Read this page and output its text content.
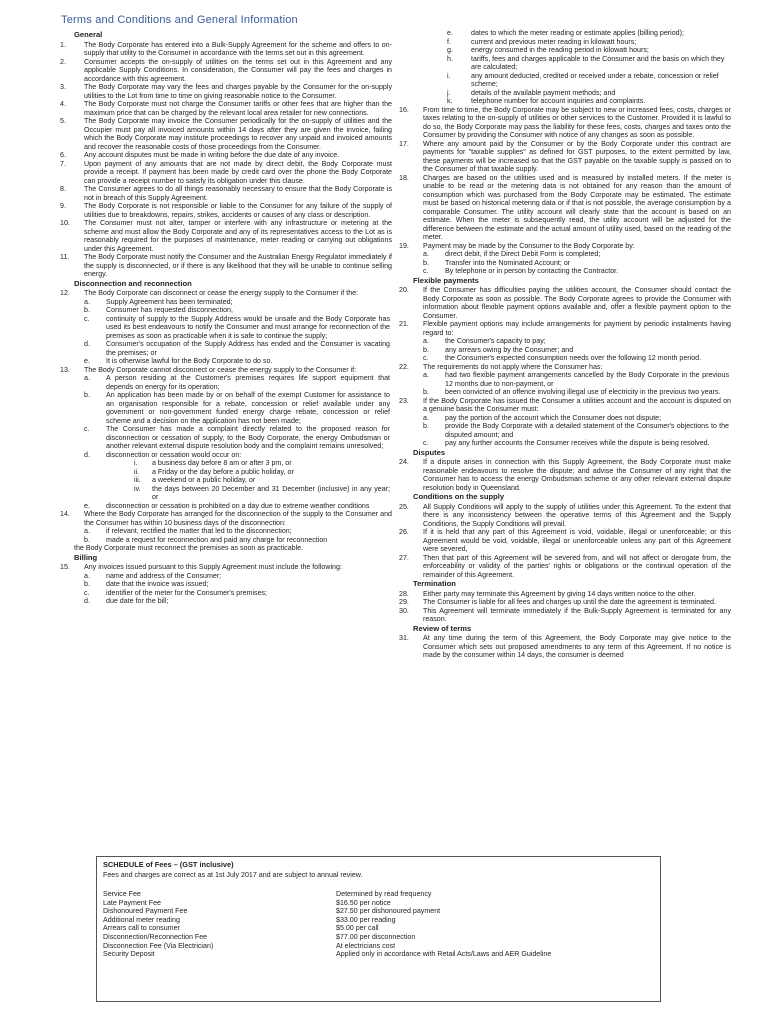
Terms and Conditions and General Information
General
1.	The Body Corporate has entered into a Bulk-Supply Agreement for the scheme and offers to on-supply that utility to the Consumer in accordance with the terms set out in this agreement.
2.	Consumer accepts the on-supply of utilities on the terms set out in this Agreement and any applicable Supply Conditions. In consideration, the Consumer will pay the fees and charges in accordance with this agreement.
3.	The Body Corporate may vary the fees and charges payable by the Consumer for the on-supply utilities to the Lot from time to time on giving reasonable notice to the Consumer.
4.	The Body Corporate must not charge the Consumer tariffs or other fees that are higher than the maximum price that can be charged by the relevant local area retailer for new connections.
5.	The Body Corporate may invoice the Consumer periodically for the on-supply of utilities and the Occupier must pay all invoiced amounts within 14 days after they are given the invoice, failing which the Body Corporate may institute proceedings to recover any unpaid and invoiced amounts and recover the reasonable costs of those proceedings from the Consumer.
6.	Any account disputes must be made in writing before the due date of any invoice.
7.	Upon payment of any amounts that are not made by direct debit, the Body Corporate must provide a receipt. If payment has been made by credit card over the phone the Body Corporate can provide a receipt number to satisfy its obligation under this clause.
8.	The Consumer agrees to do all things reasonably necessary to ensure that the Body Corporate is not in breach of this Supply Agreement.
9.	The Body Corporate is not responsible or liable to the Consumer for any failure of the supply of utilities due to breakdowns, repairs, strikes, accidents or causes of any class or description.
10. The Consumer must not alter, tamper or interfere with any infrastructure or metering at the scheme and must allow the Body Corporate and any of its representatives access to the Lot as is reasonably required for the purposes of maintenance, meter reading or carrying out obligations under this Agreement.
11. The Body Corporate must notify the Consumer and the Australian Energy Regulator immediately if the supply is disconnected, or if there is any likelihood that they will be unable to continue selling energy.
Disconnection and reconnection
12. The Body Corporate can disconnect or cease the energy supply to the Consumer if the:
a. Supply Agreement has been terminated;
b. Consumer has requested disconnection,
c. continuity of supply to the Supply Address would be unsafe and the Body Corporate has used its best endeavours to notify the Consumer and must arrange for reconnection of the premises as soon as practicable when it is safe to continue the supply;
d. Consumer's occupation of the Supply Address has ended and the Consumer is vacating the premises; or
e. It is otherwise lawful for the Body Corporate to do so.
13. The Body Corporate cannot disconnect or cease the energy supply to the Consumer if:
a. A person residing at the Customer's premises requires life support equipment that depends on energy for its operation;
b. An application has been made by or on behalf of the exempt Customer for assistance to an organisation responsible for a rebate, concession or relief available under any government or non-government funded energy charge rebate, concession or relief scheme and a decision on the application has not been made;
c. The Consumer has made a complaint directly related to the proposed reason for disconnection or cessation of supply, to the Body Corporate, the energy Ombudsman or another relevant external dispute resolution body and the complaint remains unresolved;
d. disconnection or cessation would occur on:
i. a business day before 8 am or after 3 pm, or
ii. a Friday or the day before a public holiday, or
iii. a weekend or a public holiday, or
iv. the days between 20 December and 31 December (inclusive) in any year; or
e. disconnection or cessation is prohibited on a day due to extreme weather conditions
14. Where the Body Corporate has arranged for the disconnection of the supply to the Consumer and the Consumer has within 10 business days of the disconnection:
a. if relevant, rectified the matter that led to the disconnection;
b. made a request for reconnection and paid any charge for reconnection
the Body Corporate must reconnect the premises as soon as practicable.
Billing
15. Any invoices issued pursuant to this Supply Agreement must include the following:
a. name and address of the Consumer;
b. date that the invoice was issued;
c. identifier of the meter for the Consumer's premises;
d. due date for the bill;
e.	dates to which the meter reading or estimate applies (billing period);
f.	current and previous meter reading in kilowatt hours;
g.	energy consumed in the reading period in kilowatt hours;
h.	tariffs, fees and charges applicable to the Consumer and the basis on which they are calculated;
i.	any amount deducted, credited or received under a rebate, concession or relief scheme;
j.	details of the available payment methods; and
k.	telephone number for account inquiries and complaints.
16. From time to time, the Body Corporate may be subject to new or increased fees, costs, charges or taxes relating to the on-supply of utilities or other services to the Customer. Provided it is lawful to do so, the Body Corporate may pass the liability for these fees, costs, charges and taxes onto the Consumer by providing the Consumer with notice of any changes as soon as possible.
17. Where any amount paid by the Consumer or by the Body Corporate under this contract are payments for "taxable supplies" as defined for GST purposes, to the extent permitted by law, these payments will be increased so that the GST payable on the taxable supply is passed on to the Consumer of that taxable supply.
18. Charges are based on the utilities used and is measured by installed meters. If the meter is unable to be read or the metering data is not obtained for any reason than the amount of consumption which was purchased from the Body Corporate may be estimated. The estimate must be based on historical metering data or if that is not possible, the average consumption by a comparable Consumer. The utility account will clearly state that the account is based on an estimate. When the meter is subsequently read, the utility account will be adjusted for the difference between the estimate and the actual amount of utility used, based on the reading of the meter.
19. Payment may be made by the Consumer to the Body Corporate by:
a. direct debit, if the Direct Debit Form is completed;
b. Transfer into the Nominated Account; or
c. By telephone or in person by contacting the Contractor.
Flexible payments
20. If the Consumer has difficulties paying the utilities account, the Consumer should contact the Body Corporate as soon as possible. The Body Corporate agrees to provide the Consumer with information about flexible payment options available and, offer a flexible payment option to the Consumer.
21. Flexible payment options may include arrangements for payment by periodic instalments having regard to:
a. the Consumer's capacity to pay;
b. any arrears owing by the Consumer; and
c. the Consumer's expected consumption needs over the following 12 month period.
22. The requirements do not apply where the Consumer has:
a. had two flexible payment arrangements cancelled by the Body Corporate in the previous 12 months due to non-payment, or
b. been convicted of an offence involving illegal use of electricity in the previous two years.
23. If the Body Corporate has issued the Consumer a utilities account and the account is disputed on a genuine basis the Consumer must:
a. pay the portion of the account which the Consumer does not dispute;
b. provide the Body Corporate with a detailed statement of the Consumer's objections to the disputed amount; and
c. pay any further accounts the Consumer receives while the dispute is being resolved.
Disputes
24. If a dispute arises in connection with this Supply Agreement, the Body Corporate must make reasonable endeavours to resolve the dispute; and advise the Consumer of any right that the Consumer has to access the energy Ombudsman scheme or any other relevant external dispute resolution body in Queensland.
Conditions on the supply
25. All Supply Conditions will apply to the supply of utilities under this Agreement. To the extent that there is any inconsistency between the operative terms of this Agreement and the Supply Conditions, the Supply Conditions will prevail.
26. If it is held that any part of this Agreement is void, voidable, illegal or unenforceable; or this Agreement would be void, voidable, illegal or unenforceable unless any part of this Agreement were severed,
27. Then that part of this Agreement will be severed from, and will not affect or derogate from, the enforceability or validity of the parties' rights or obligations or the continual operation of the remainder of this Agreement.
Termination
28. Either party may terminate this Agreement by giving 14 days written notice to the other.
29. The Consumer is liable for all fees and charges up until the date the agreement is terminated.
30. This Agreement will terminate immediately if the Bulk-Supply Agreement is terminated for any reason.
Review of terms
31. At any time during the term of this Agreement, the Body Corporate may give notice to the Consumer which sets out proposed amendments to any term of this Agreement. If no notice is made by the consumer within 14 days, the consumer is deemed
SCHEDULE of Fees – (GST inclusive)
Fees and charges are correct as at 1st July 2017 and are subject to annual review.
Service Fee	Determined by read frequency
Late Payment Fee	$16.50 per notice
Dishonoured Payment Fee	$27.50 per dishonoured payment
Additional meter reading	$33.00 per reading
Arrears call to consumer	$5.00 per call
Disconnection/Reconnection Fee	$77.00 per disconnection
Disconnection Fee (Via Electrician)	At electricians cost
Security Deposit	Applied only in accordance with Retail Acts/Laws and AER Guideline
